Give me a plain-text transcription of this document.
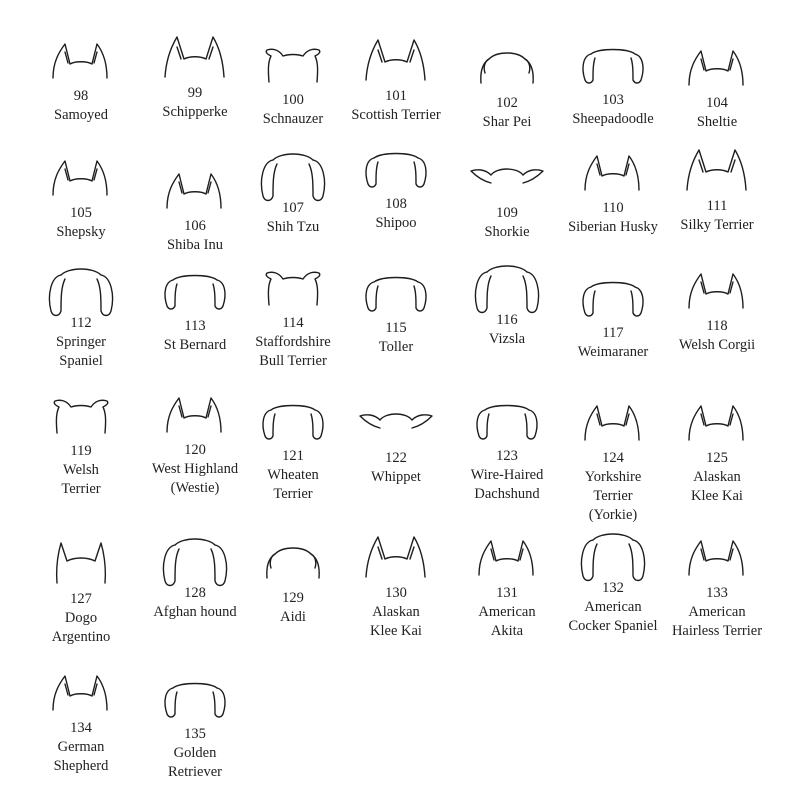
98
Samoyed
99
Schipperke
100
Schnauzer
101
Scottish Terrier
102
Shar Pei
103
Sheepadoodle
104
Sheltie
105
Shepsky	106
Shiba Inu
107
Shih Tzu
108
Shipoo
109
Shorkie
110
Siberian Husky
111
Silky Terrier
112
Springer
Spaniel
113
St Bernard
114
Staffordshire
Bull Terrier
115
Toller
116
Vizsla	117
Weimaraner
118
Welsh Corgii
119
Welsh
Terrier
120
West Highland
(Westie)
121
Wheaten
Terrier
122
Whippet
123
Wire-Haired
Dachshund
124
Yorkshire
Terrier
(Yorkie)
125
Alaskan
Klee Kai
127
Dogo
Argentino
128
Afghan hound
129
Aidi
130
Alaskan
Klee Kai
131
American
Akita
132
American
Cocker Spaniel
133
American
Hairless Terrier
134
German
Shepherd
135
Golden
Retriever
